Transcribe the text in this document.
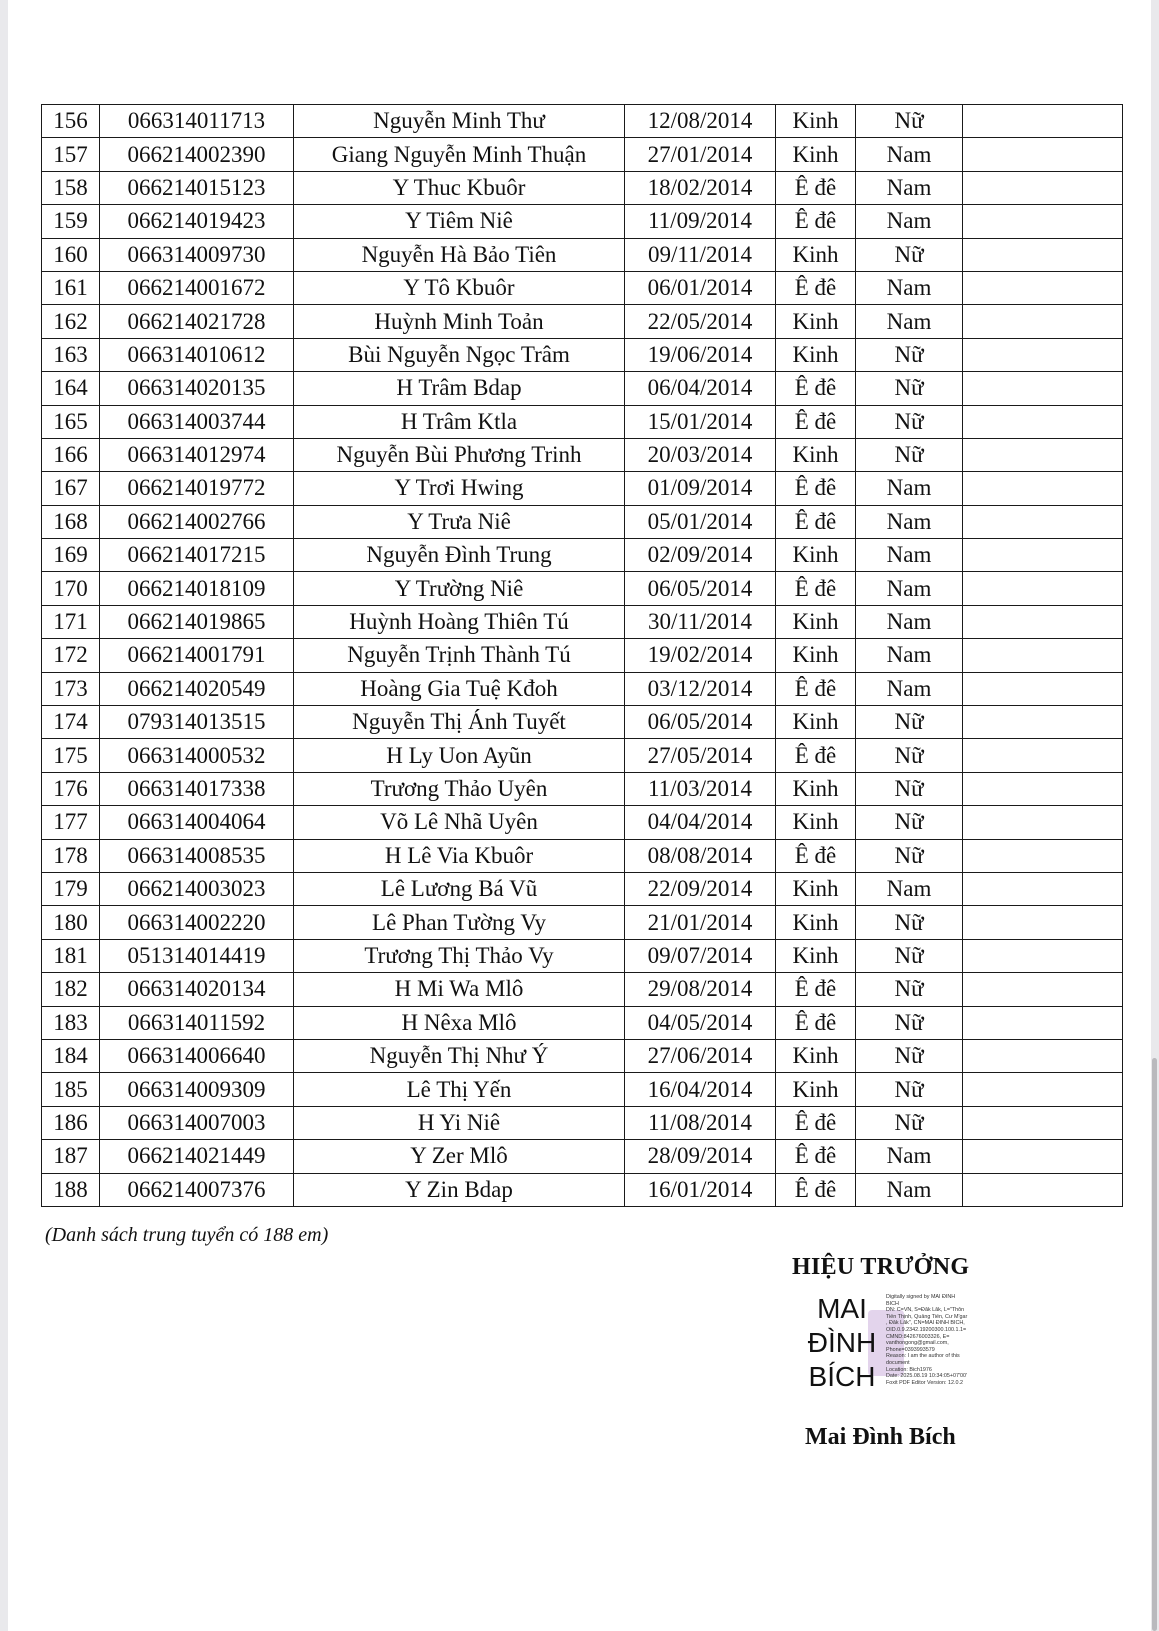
156	066314011713	Nguyễn Minh Thư	12/08/2014	Kinh	Nữ	
157	066214002390	Giang Nguyễn Minh Thuận	27/01/2014	Kinh	Nam	
158	066214015123	Y Thuc Kbuôr	18/02/2014	Ê đê	Nam	
159	066214019423	Y Tiêm Niê	11/09/2014	Ê đê	Nam	
160	066314009730	Nguyễn Hà Bảo Tiên	09/11/2014	Kinh	Nữ	
161	066214001672	Y Tô Kbuôr	06/01/2014	Ê đê	Nam	
162	066214021728	Huỳnh Minh Toản	22/05/2014	Kinh	Nam	
163	066314010612	Bùi Nguyễn Ngọc Trâm	19/06/2014	Kinh	Nữ	
164	066314020135	H Trâm Bdap	06/04/2014	Ê đê	Nữ	
165	066314003744	H Trâm Ktla	15/01/2014	Ê đê	Nữ	
166	066314012974	Nguyễn Bùi Phương Trinh	20/03/2014	Kinh	Nữ	
167	066214019772	Y Trơi Hwing	01/09/2014	Ê đê	Nam	
168	066214002766	Y Trưa Niê	05/01/2014	Ê đê	Nam	
169	066214017215	Nguyễn Đình Trung	02/09/2014	Kinh	Nam	
170	066214018109	Y Trường Niê	06/05/2014	Ê đê	Nam	
171	066214019865	Huỳnh Hoàng Thiên Tú	30/11/2014	Kinh	Nam	
172	066214001791	Nguyễn Trịnh Thành Tú	19/02/2014	Kinh	Nam	
173	066214020549	Hoàng Gia Tuệ Kđoh	03/12/2014	Ê đê	Nam	
174	079314013515	Nguyễn Thị Ánh Tuyết	06/05/2014	Kinh	Nữ	
175	066314000532	H Ly Uon Ayũn	27/05/2014	Ê đê	Nữ	
176	066314017338	Trương Thảo Uyên	11/03/2014	Kinh	Nữ	
177	066314004064	Võ Lê Nhã Uyên	04/04/2014	Kinh	Nữ	
178	066314008535	H Lê Via Kbuôr	08/08/2014	Ê đê	Nữ	
179	066214003023	Lê Lương Bá Vũ	22/09/2014	Kinh	Nam	
180	066314002220	Lê Phan Tường Vy	21/01/2014	Kinh	Nữ	
181	051314014419	Trương Thị Thảo Vy	09/07/2014	Kinh	Nữ	
182	066314020134	H Mi Wa Mlô	29/08/2014	Ê đê	Nữ	
183	066314011592	H Nêxa Mlô	04/05/2014	Ê đê	Nữ	
184	066314006640	Nguyễn Thị Như Ý	27/06/2014	Kinh	Nữ	
185	066314009309	Lê Thị Yến	16/04/2014	Kinh	Nữ	
186	066314007003	H Yi Niê	11/08/2014	Ê đê	Nữ	
187	066214021449	Y Zer Mlô	28/09/2014	Ê đê	Nam	
188	066214007376	Y Zin Bdap	16/01/2014	Ê đê	Nam	
(Danh sách trung tuyển có 188 em)
HIỆU TRƯỞNG
MAI
ĐÌNH
BÍCH
Digitally signed by MAI ĐÌNH
BÍCH
DN: C=VN, S=Đắk Lắk, L="Thôn
Tiến Thịnh, Quảng Tiến, Cư M'gar
, Đắk Lắk", CN=MAI ĐÌNH BÍCH,
OID.0.9.2342.19200300.100.1.1=
CMND:842676003326, E=
vanthongong@gmail.com,
Phone=0393993579
Reason: I am the author of this
document
Location: Bich1976
Date: 2025.08.19 10:34:05+07'00'
Foxit PDF Editor Version: 12.0.2
Mai Đình Bích
